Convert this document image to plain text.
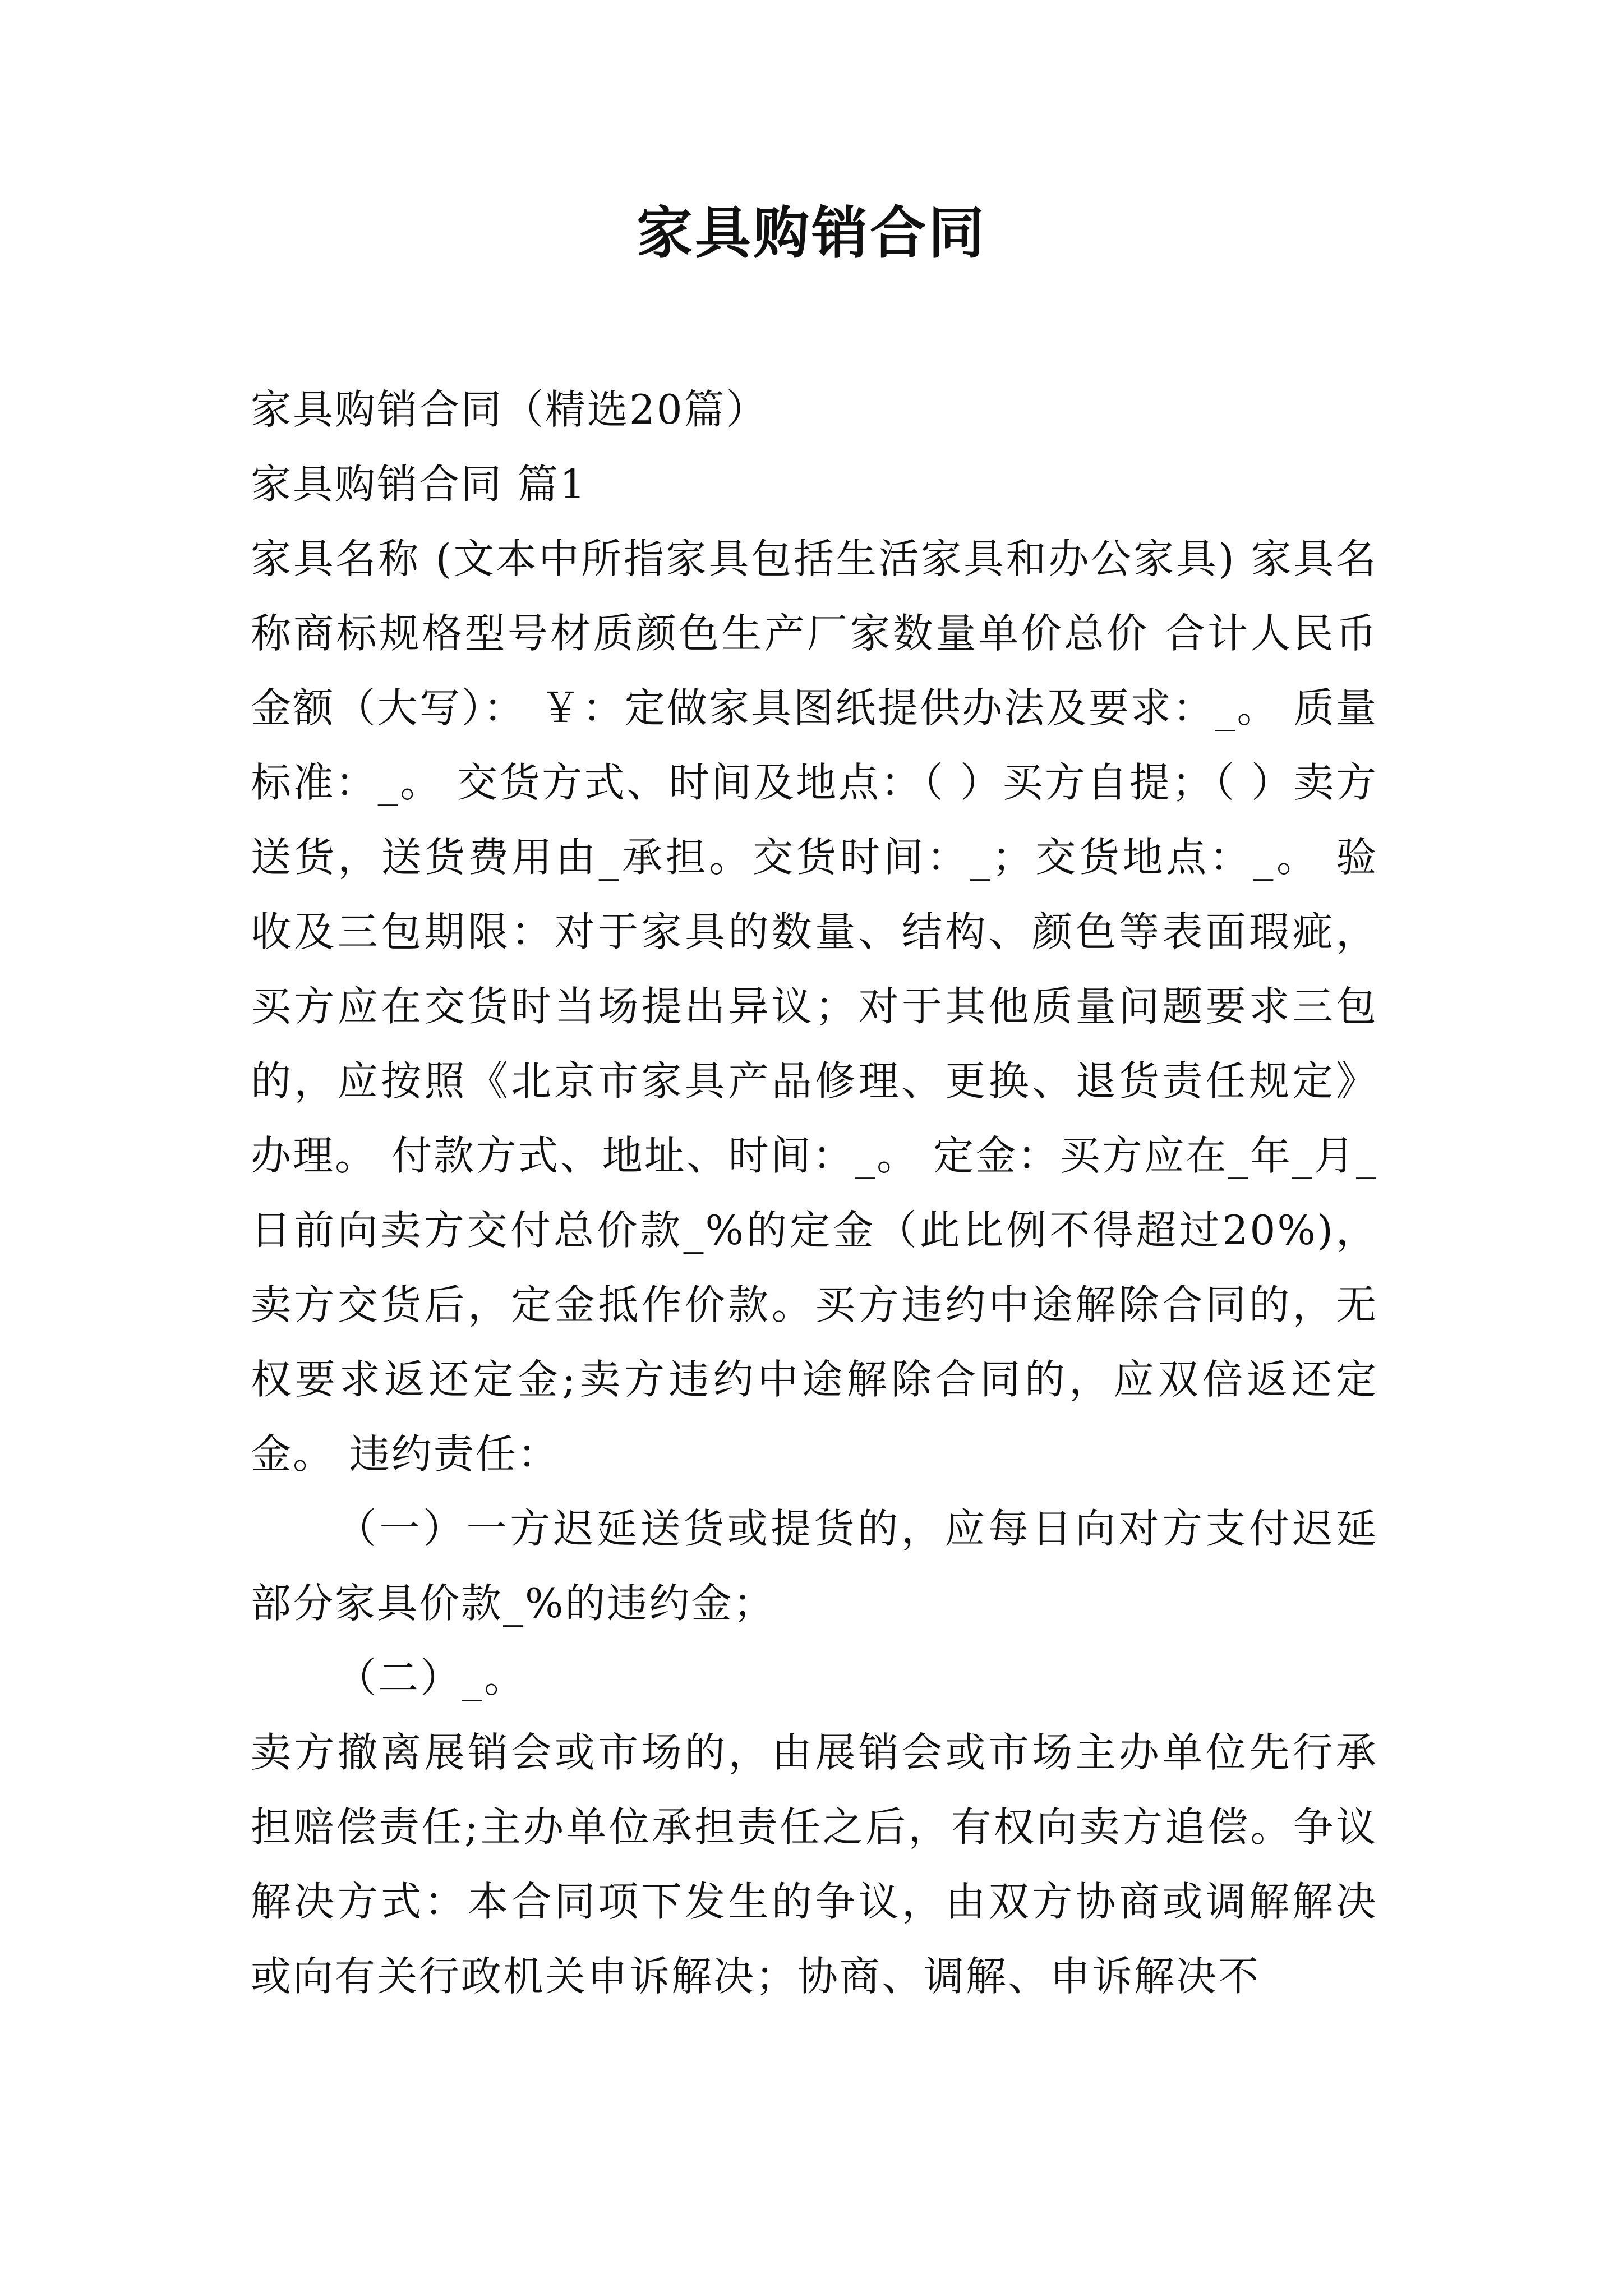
家具购销合同

家具购销合同（精选20篇）

家具购销合同 篇1

家具名称 (文本中所指家具包括生活家具和办公家具) 家具名称商标规格型号材质颜色生产厂家数量单价总价 合计人民币金额（大写）： ￥：定做家具图纸提供办法及要求：_。 质量标准：_。 交货方式、时间及地点：（ ）买方自提；（ ）卖方送货，送货费用由_承担。交货时间：_；交货地点：_。 验收及三包期限：对于家具的数量、结构、颜色等表面瑕疵，买方应在交货时当场提出异议；对于其他质量问题要求三包的，应按照《北京市家具产品修理、更换、退货责任规定》办理。 付款方式、地址、时间：_。 定金：买方应在_年_月_日前向卖方交付总价款_%的定金（此比例不得超过20%)，卖方交货后，定金抵作价款。买方违约中途解除合同的，无权要求返还定金;卖方违约中途解除合同的，应双倍返还定金。 违约责任：

（一）一方迟延送货或提货的，应每日向对方支付迟延部分家具价款_%的违约金；

（二）_。

卖方撤离展销会或市场的，由展销会或市场主办单位先行承担赔偿责任;主办单位承担责任之后，有权向卖方追偿。争议解决方式：本合同项下发生的争议，由双方协商或调解解决或向有关行政机关申诉解决；协商、调解、申诉解决不
